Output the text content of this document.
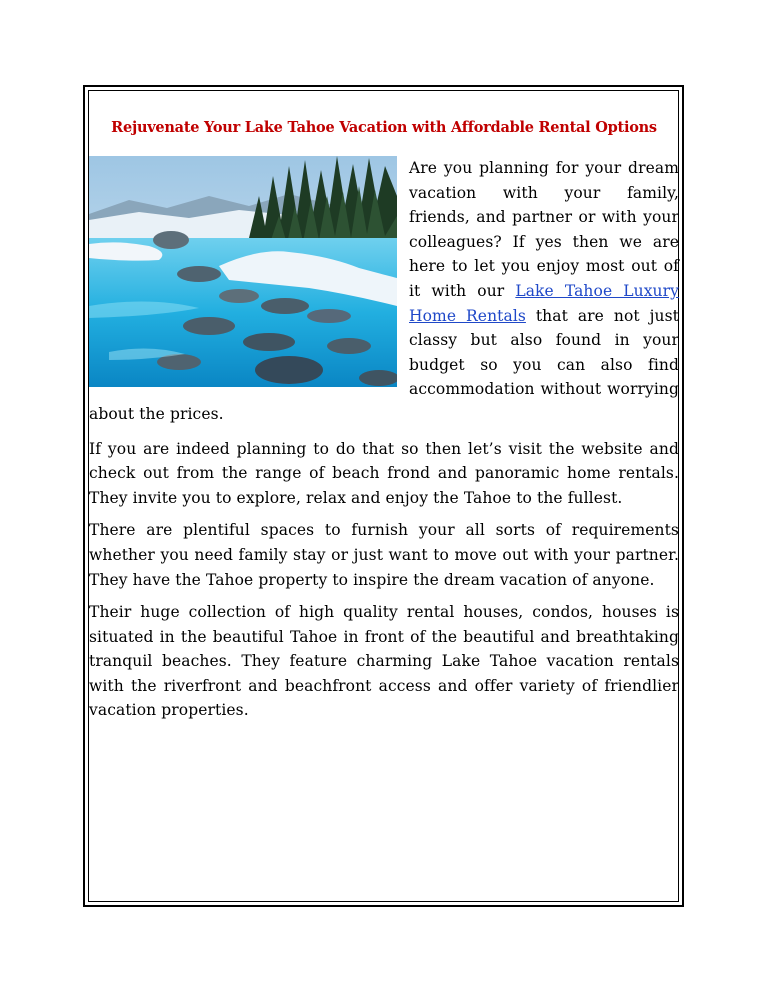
Rejuvenate Your Lake Tahoe Vacation with Affordable Rental Options

Are you planning for your dream vacation with your family, friends, and partner or with your colleagues? If yes then we are here to let you enjoy most out of it with our Lake Tahoe Luxury Home Rentals that are not just classy but also found in your budget so you can also find accommodation without worrying about the prices.

If you are indeed planning to do that so then let’s visit the website and check out from the range of beach frond and panoramic home rentals. They invite you to explore, relax and enjoy the Tahoe to the fullest.

There are plentiful spaces to furnish your all sorts of requirements whether you need family stay or just want to move out with your partner. They have the Tahoe property to inspire the dream vacation of anyone.

Their huge collection of high quality rental houses, condos, houses is situated in the beautiful Tahoe in front of the beautiful and breathtaking tranquil beaches. They feature charming Lake Tahoe vacation rentals with the riverfront and beachfront access and offer variety of friendlier vacation properties.
